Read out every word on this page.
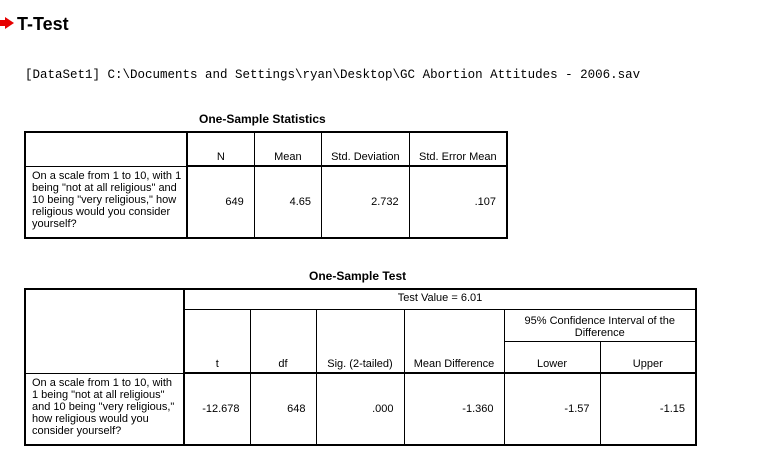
T-Test
[DataSet1] C:\Documents and Settings\ryan\Desktop\GC Abortion Attitudes - 2006.sav
One-Sample Statistics
	N	Mean	Std. Deviation	Std. Error Mean
On a scale from 1 to 10, with 1 being "not at all religious" and 10 being "very religious," how religious would you consider yourself?	649	4.65	2.732	.107
One-Sample Test
	Test Value = 6.01					
	t	df	Sig. (2-tailed)	Mean Difference	95% Confidence Interval of the Difference	
					Lower	Upper
On a scale from 1 to 10, with 1 being "not at all religious" and 10 being "very religious," how religious would you consider yourself?	-12.678	648	.000	-1.360	-1.57	-1.15
